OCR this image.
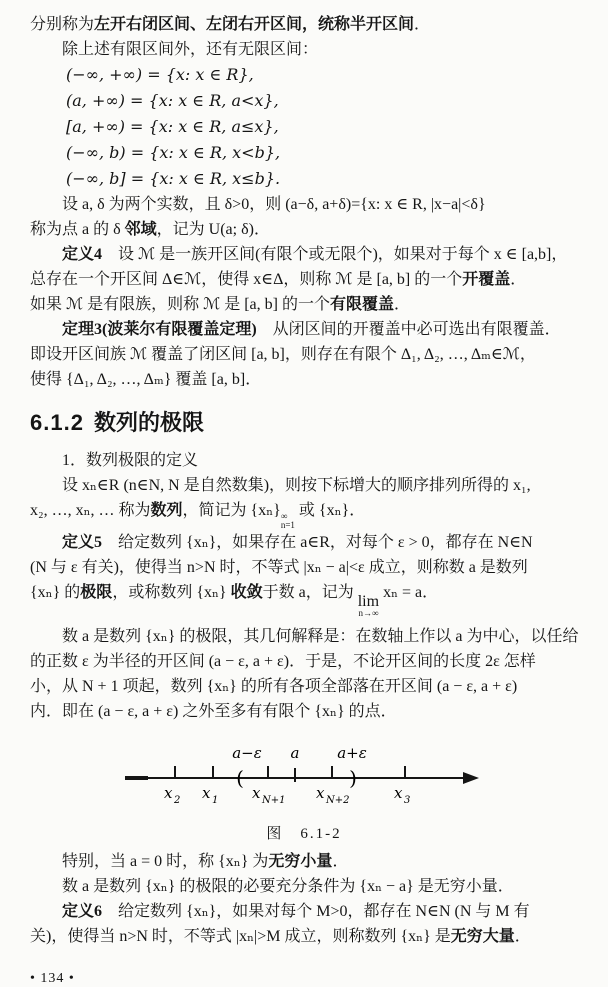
分别称为左开右闭区间、左闭右开区间，统称半开区间．

除上述有限区间外，还有无限区间：

(−∞, +∞) = {x: x ∈ R},

(a, +∞) = {x: x ∈ R, a<x},

[a, +∞) = {x: x ∈ R, a≤x},

(−∞, b) = {x: x ∈ R, x<b},

(−∞, b] = {x: x ∈ R, x≤b}.

设 a, δ 为两个实数，且 δ>0，则 (a−δ, a+δ)={x: x ∈ R, |x−a|<δ}

称为点 a 的 δ 邻域，记为 U(a; δ)．

定义4　设 ℳ 是一族开区间(有限个或无限个)，如果对于每个 x ∈ [a,b]，

总存在一个开区间 Δ∈ℳ，使得 x∈Δ，则称 ℳ 是 [a, b] 的一个开覆盖．

如果 ℳ 是有限族，则称 ℳ 是 [a, b] 的一个有限覆盖．

定理3(波莱尔有限覆盖定理)　从闭区间的开覆盖中必可选出有限覆盖．

即设开区间族 ℳ 覆盖了闭区间 [a, b]，则存在有限个 Δ₁, Δ₂, …, Δₘ∈ℳ，

使得 {Δ₁, Δ₂, …, Δₘ} 覆盖 [a, b]．

6.1.2 数列的极限

1．数列极限的定义

设 xₙ∈R (n∈N, N 是自然数集)，则按下标增大的顺序排列所得的 x₁,

x₂, …, xₙ, … 称为数列，简记为 {xₙ} ∞
n=1
或 {xₙ}．

定义5　给定数列 {xₙ}，如果存在 a∈R，对每个 ε > 0，都存在 N∈N

(N 与 ε 有关)，使得当 n>N 时，不等式 |xₙ − a|<ε 成立，则称数 a 是数列

{xₙ} 的极限，或称数列 {xₙ} 收敛于数 a，记为
lim
n→∞
xₙ = a．

数 a 是数列 {xₙ} 的极限，其几何解释是：在数轴上作以 a 为中心，以任给

的正数 ε 为半径的开区间 (a − ε, a + ε)．于是，不论开区间的长度 2ε 怎样

小，从 N + 1 项起，数列 {xₙ} 的所有各项全部落在开区间 (a − ε, a + ε)

内．即在 (a − ε, a + ε) 之外至多有有限个 {xₙ} 的点．

(	)
a−ε a	a+ε
x 2 x 1 x N+1 x N+2	x 3
图　6.1-2

特别，当 a = 0 时，称 {xₙ} 为无穷小量．

数 a 是数列 {xₙ} 的极限的必要充分条件为 {xₙ − a} 是无穷小量．

定义6　给定数列 {xₙ}，如果对每个 M>0，都存在 N∈N (N 与 M 有

关)，使得当 n>N 时，不等式 |xₙ|>M 成立，则称数列 {xₙ} 是无穷大量．

• 134 •
